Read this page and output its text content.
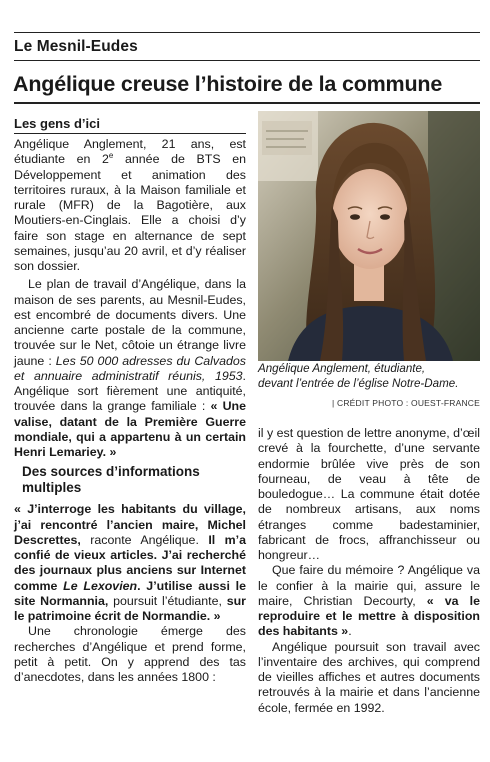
Le Mesnil-Eudes
Angélique creuse l’histoire de la commune
Les gens d’ici

Angélique Anglement, 21 ans, est étudiante en 2e année de BTS en Développement et animation des territoires ruraux, à la Maison familiale et rurale (MFR) de la Bagotière, aux Moutiers-en-Cinglais. Elle a choisi d’y faire son stage en alternance de sept semaines, jusqu’au 20 avril, et d’y réaliser son dossier.

Le plan de travail d’Angélique, dans la maison de ses parents, au Mesnil-Eudes, est encombré de documents divers. Une ancienne carte postale de la commune, trouvée sur le Net, côtoie un étrange livre jaune : Les 50 000 adresses du Calvados et annuaire administratif réunis, 1953. Angélique sort fièrement une antiquité, trouvée dans la grange familiale : « Une valise, datant de la Première Guerre mondiale, qui a appartenu à un certain Henri Lemariey. »

Des sources d’informations multiples

« J’interroge les habitants du village, j’ai rencontré l’ancien maire, Michel Descrettes, raconte Angélique. Il m’a confié de vieux articles. J’ai recherché des journaux plus anciens sur Internet comme Le Lexovien. J’utilise aussi le site Normannia, poursuit l’étudiante, sur le patrimoine écrit de Normandie. »

Une chronologie émerge des recherches d’Angélique et prend forme, petit à petit. On y apprend des tas d’anecdotes, dans les années 1800 :

Angélique Anglement, étudiante,
devant l’entrée de l’église Notre-Dame.
| CRÉDIT PHOTO : OUEST-FRANCE

il y est question de lettre anonyme, d’œil crevé à la fourchette, d’une servante endormie brûlée vive près de son fourneau, de veau à tête de bouledogue… La commune était dotée de nombreux artisans, aux noms étranges comme badestaminier, fabricant de frocs, affranchisseur ou hongreur…

Que faire du mémoire ? Angélique va le confier à la mairie qui, assure le maire, Christian Decourty, « va le reproduire et le mettre à disposition des habitants ».

Angélique poursuit son travail avec l’inventaire des archives, qui comprend de vieilles affiches et autres documents retrouvés à la mairie et dans l’ancienne école, fermée en 1992.
